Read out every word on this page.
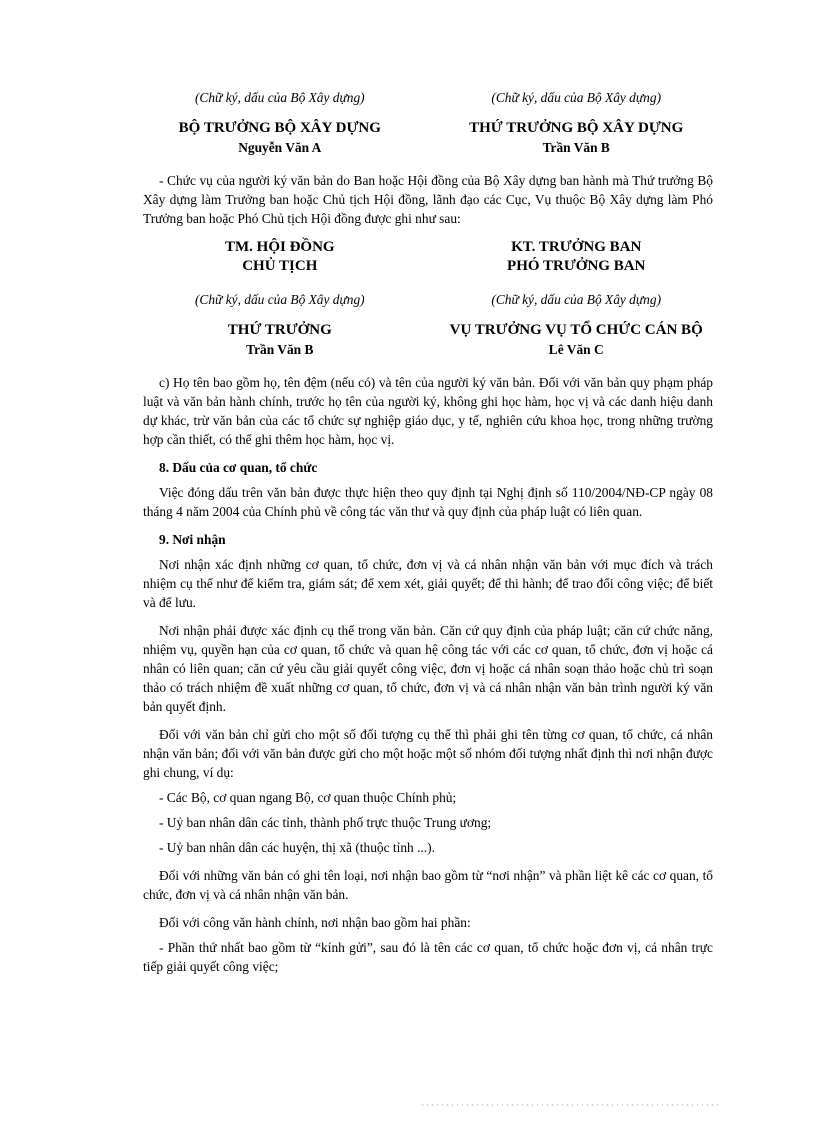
(Chữ ký, dấu của Bộ Xây dựng)
BỘ TRƯỞNG BỘ XÂY DỰNG
Nguyễn Văn A
(Chữ ký, dấu của Bộ Xây dựng)
THỨ TRƯỞNG BỘ XÂY DỰNG
Trần Văn B

- Chức vụ của người ký văn bản do Ban hoặc Hội đồng của Bộ Xây dựng ban hành mà Thứ trưởng Bộ Xây dựng làm Trưởng ban hoặc Chủ tịch Hội đồng, lãnh đạo các Cục, Vụ thuộc Bộ Xây dựng làm Phó Trưởng ban hoặc Phó Chủ tịch Hội đồng được ghi như sau:

TM. HỘI ĐỒNG
CHỦ TỊCH
(Chữ ký, dấu của Bộ Xây dựng)
THỨ TRƯỞNG
Trần Văn B
KT. TRƯỞNG BAN
PHÓ TRƯỞNG BAN
(Chữ ký, dấu của Bộ Xây dựng)
VỤ TRƯỞNG VỤ TỔ CHỨC CÁN BỘ
Lê Văn C

c) Họ tên bao gồm họ, tên đệm (nếu có) và tên của người ký văn bản. Đối với văn bản quy phạm pháp luật và văn bản hành chính, trước họ tên của người ký, không ghi học hàm, học vị và các danh hiệu danh dự khác, trừ văn bản của các tổ chức sự nghiệp giáo dục, y tế, nghiên cứu khoa học, trong những trường hợp cần thiết, có thể ghi thêm học hàm, học vị.

8. Dấu của cơ quan, tổ chức

Việc đóng dấu trên văn bản được thực hiện theo quy định tại Nghị định số 110/2004/NĐ-CP ngày 08 tháng 4 năm 2004 của Chính phủ về công tác văn thư và quy định của pháp luật có liên quan.

9. Nơi nhận

Nơi nhận xác định những cơ quan, tổ chức, đơn vị và cá nhân nhận văn bản với mục đích và trách nhiệm cụ thể như để kiểm tra, giám sát; để xem xét, giải quyết; để thi hành; để trao đổi công việc; để biết và để lưu.

Nơi nhận phải được xác định cụ thể trong văn bản. Căn cứ quy định của pháp luật; căn cứ chức năng, nhiệm vụ, quyền hạn của cơ quan, tổ chức và quan hệ công tác với các cơ quan, tổ chức, đơn vị hoặc cá nhân có liên quan; căn cứ yêu cầu giải quyết công việc, đơn vị hoặc cá nhân soạn thảo hoặc chủ trì soạn thảo có trách nhiệm đề xuất những cơ quan, tổ chức, đơn vị và cá nhân nhận văn bản trình người ký văn bản quyết định.

Đối với văn bản chỉ gửi cho một số đối tượng cụ thể thì phải ghi tên từng cơ quan, tổ chức, cá nhân nhận văn bản; đối với văn bản được gửi cho một hoặc một số nhóm đối tượng nhất định thì nơi nhận được ghi chung, ví dụ:

- Các Bộ, cơ quan ngang Bộ, cơ quan thuộc Chính phủ;

- Uỷ ban nhân dân các tỉnh, thành phố trực thuộc Trung ương;

- Uỷ ban nhân dân các huyện, thị xã (thuộc tỉnh ...).

Đối với những văn bản có ghi tên loại, nơi nhận bao gồm từ “nơi nhận” và phần liệt kê các cơ quan, tổ chức, đơn vị và cá nhân nhận văn bản.

Đối với công văn hành chính, nơi nhận bao gồm hai phần:

- Phần thứ nhất bao gồm từ “kính gửi”, sau đó là tên các cơ quan, tổ chức hoặc đơn vị, cá nhân trực tiếp giải quyết công việc;
